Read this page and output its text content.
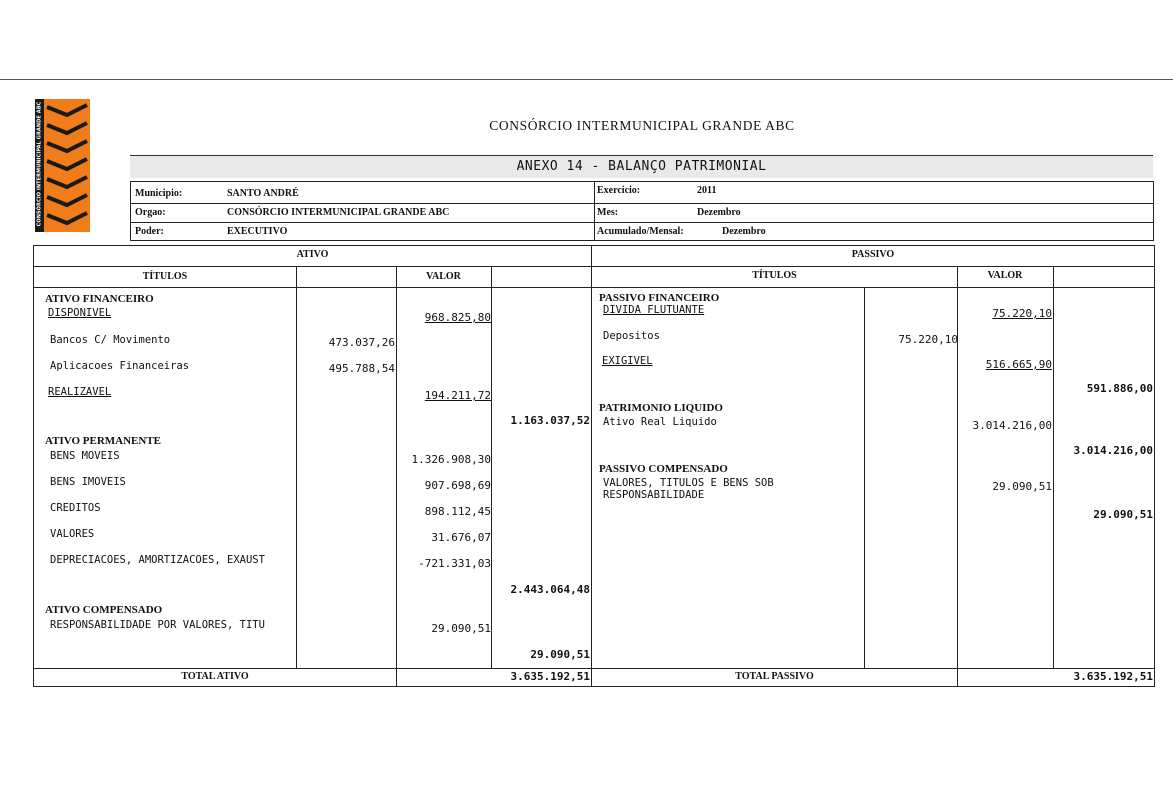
CONSÓRCIO INTERMUNICIPAL GRANDE ABC	CONSÓRCIO INTERMUNICIPAL GRANDE ABC
ANEXO 14 - BALANÇO PATRIMONIAL
Municipio:	SANTO ANDRÉ
Orgao:	CONSÓRCIO INTERMUNICIPAL GRANDE ABC
Poder:	EXECUTIVO
Exercicio:	2011
Mes:	Dezembro
Acumulado/Mensal:	Dezembro
ATIVO	PASSIVO
TÍTULOS	VALOR	TÍTULOS	VALOR
ATIVO FINANCEIRO
DISPONIVEL	968.825,80
Bancos C/ Movimento	473.037,26
Aplicacoes Financeiras	495.788,54
REALIZAVEL	194.211,72
1.163.037,52
ATIVO PERMANENTE
BENS MOVEIS	1.326.908,30
BENS IMOVEIS	907.698,69
CREDITOS	898.112,45
VALORES	31.676,07
DEPRECIACOES, AMORTIZACOES, EXAUST	-721.331,03
2.443.064,48
ATIVO COMPENSADO
RESPONSABILIDADE POR VALORES, TITU	29.090,51
29.090,51
PASSIVO FINANCEIRO
DIVIDA FLUTUANTE	75.220,10
Depositos	75.220,10
EXIGIVEL	516.665,90
591.886,00
PATRIMONIO LIQUIDO
Ativo Real Liquido	3.014.216,00
3.014.216,00
PASSIVO COMPENSADO
VALORES, TITULOS E BENS SOB
RESPONSABILIDADE
29.090,51
29.090,51
TOTAL ATIVO	3.635.192,51	TOTAL PASSIVO	3.635.192,51
